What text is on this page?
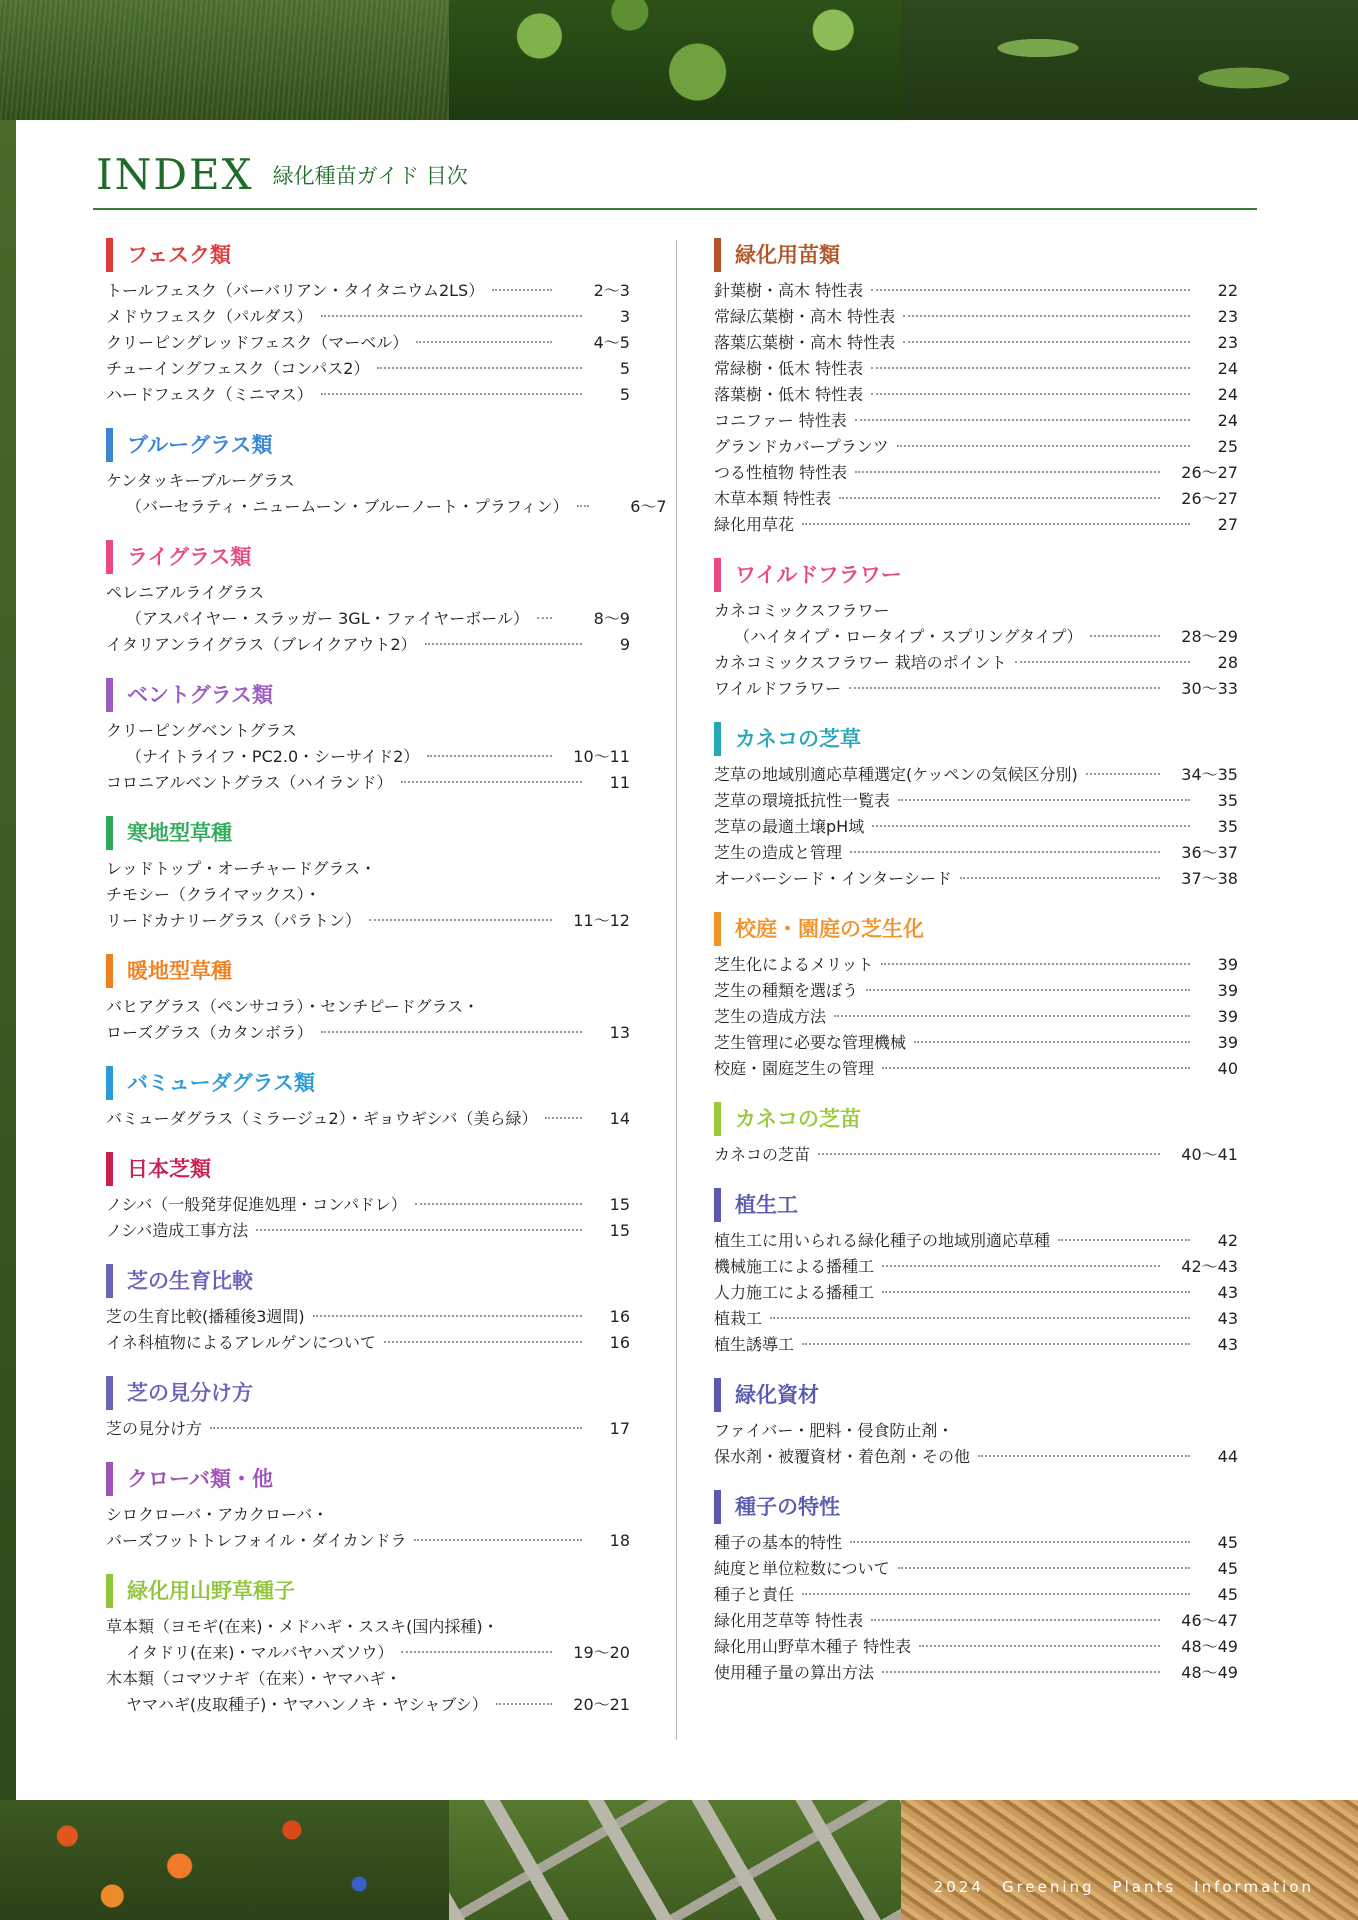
INDEX 緑化種苗ガイド 目次
フェスク類
トールフェスク（バーバリアン・タイタニウム2LS）	2〜3
メドウフェスク（パルダス）	3
クリーピングレッドフェスク（マーベル）	4〜5
チューイングフェスク（コンパス2）	5
ハードフェスク（ミニマス）	5
ブルーグラス類
ケンタッキーブルーグラス
（バーセラティ・ニュームーン・ブルーノート・プラフィン）	6〜7
ライグラス類
ペレニアルライグラス
（アスパイヤー・スラッガー 3GL・ファイヤーボール）	8〜9
イタリアンライグラス（ブレイクアウト2）	9
ベントグラス類
クリーピングベントグラス
（ナイトライフ・PC2.0・シーサイド2）	10〜11
コロニアルベントグラス（ハイランド）	11
寒地型草種
レッドトップ・オーチャードグラス・
チモシー（クライマックス）・
リードカナリーグラス（パラトン）	11〜12
暖地型草種
バヒアグラス（ペンサコラ）・センチピードグラス・
ローズグラス（カタンボラ）	13
バミューダグラス類
バミューダグラス（ミラージュ2）・ギョウギシバ（美ら緑）	14
日本芝類
ノシバ（一般発芽促進処理・コンパドレ）	15
ノシバ造成工事方法	15
芝の生育比較
芝の生育比較(播種後3週間)	16
イネ科植物によるアレルゲンについて	16
芝の見分け方
芝の見分け方	17
クローバ類・他
シロクローバ・アカクローバ・
バーズフットトレフォイル・ダイカンドラ	18
緑化用山野草種子
草本類（ヨモギ(在来)・メドハギ・ススキ(国内採種)・
イタドリ(在来)・マルバヤハズソウ）	19〜20
木本類（コマツナギ（在来）・ヤマハギ・
ヤマハギ(皮取種子)・ヤマハンノキ・ヤシャブシ）	20〜21
緑化用苗類
針葉樹・高木 特性表	22
常緑広葉樹・高木 特性表	23
落葉広葉樹・高木 特性表	23
常緑樹・低木 特性表	24
落葉樹・低木 特性表	24
コニファー 特性表	24
グランドカバープランツ	25
つる性植物 特性表	26〜27
木草本類 特性表	26〜27
緑化用草花	27
ワイルドフラワー
カネコミックスフラワー
（ハイタイプ・ロータイプ・スプリングタイプ）	28〜29
カネコミックスフラワー 栽培のポイント	28
ワイルドフラワー	30〜33
カネコの芝草
芝草の地域別適応草種選定(ケッペンの気候区分別)	34〜35
芝草の環境抵抗性一覧表	35
芝草の最適土壌pH域	35
芝生の造成と管理	36〜37
オーバーシード・インターシード	37〜38
校庭・園庭の芝生化
芝生化によるメリット	39
芝生の種類を選ぼう	39
芝生の造成方法	39
芝生管理に必要な管理機械	39
校庭・園庭芝生の管理	40
カネコの芝苗
カネコの芝苗	40〜41
植生工
植生工に用いられる緑化種子の地域別適応草種	42
機械施工による播種工	42〜43
人力施工による播種工	43
植栽工	43
植生誘導工	43
緑化資材
ファイバー・肥料・侵食防止剤・
保水剤・被覆資材・着色剤・その他	44
種子の特性
種子の基本的特性	45
純度と単位粒数について	45
種子と責任	45
緑化用芝草等 特性表	46〜47
緑化用山野草木種子 特性表	48〜49
使用種子量の算出方法	48〜49
2024　Greening　Plants　Information
